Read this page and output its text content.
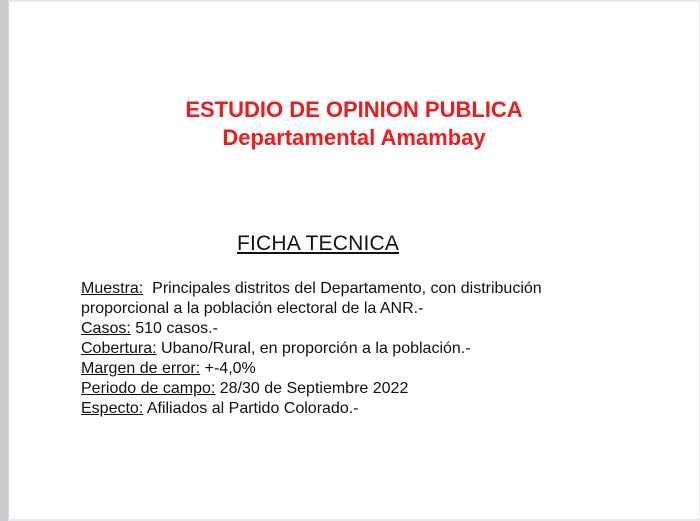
ESTUDIO DE OPINION PUBLICA
Departamental Amambay
FICHA TECNICA
Muestra:  Principales distritos del Departamento, con distribución
proporcional a la población electoral de la ANR.-
Casos: 510 casos.-
Cobertura: Ubano/Rural, en proporción a la población.-
Margen de error: +-4,0%
Periodo de campo: 28/30 de Septiembre 2022
Especto: Afiliados al Partido Colorado.-
